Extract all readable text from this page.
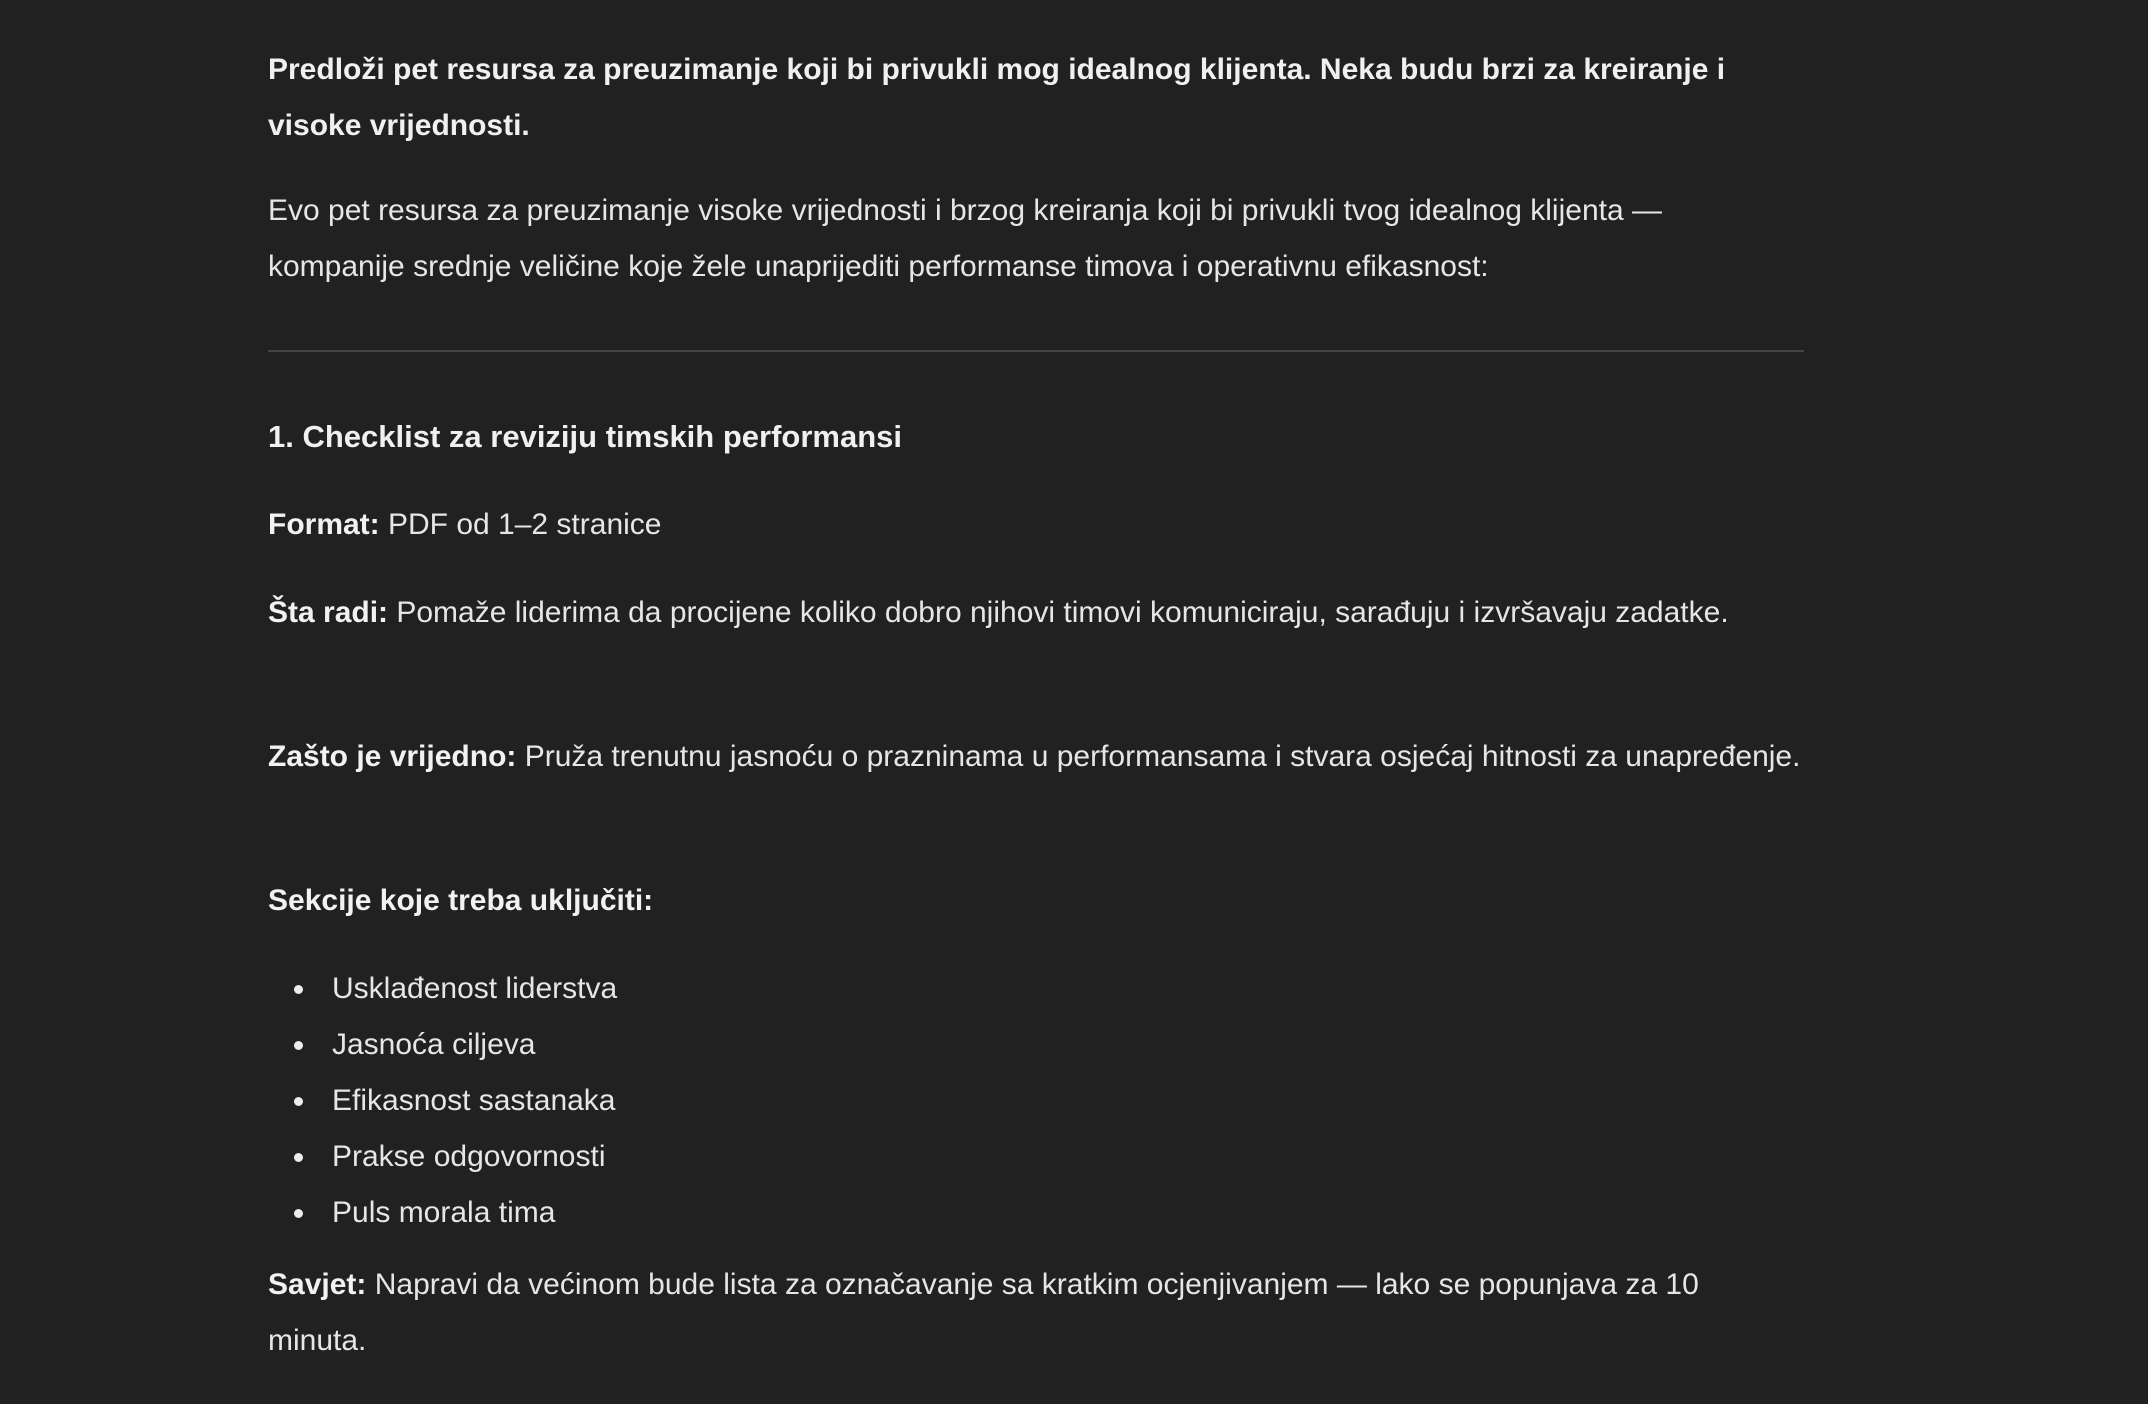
Predloži pet resursa za preuzimanje koji bi privukli mog idealnog klijenta. Neka budu brzi za kreiranje i visoke vrijednosti.

Evo pet resursa za preuzimanje visoke vrijednosti i brzog kreiranja koji bi privukli tvog idealnog klijenta — kompanije srednje veličine koje žele unaprijediti performanse timova i operativnu efikasnost:

1. Checklist za reviziju timskih performansi

Format: PDF od 1–2 stranice

Šta radi: Pomaže liderima da procijene koliko dobro njihovi timovi komuniciraju, sarađuju i izvršavaju zadatke.

Zašto je vrijedno: Pruža trenutnu jasnoću o prazninama u performansama i stvara osjećaj hitnosti za unapređenje.

Sekcije koje treba uključiti:

Usklađenost liderstva
Jasnoća ciljeva
Efikasnost sastanaka
Prakse odgovornosti
Puls morala tima

Savjet: Napravi da većinom bude lista za označavanje sa kratkim ocjenjivanjem — lako se popunjava za 10 minuta.
